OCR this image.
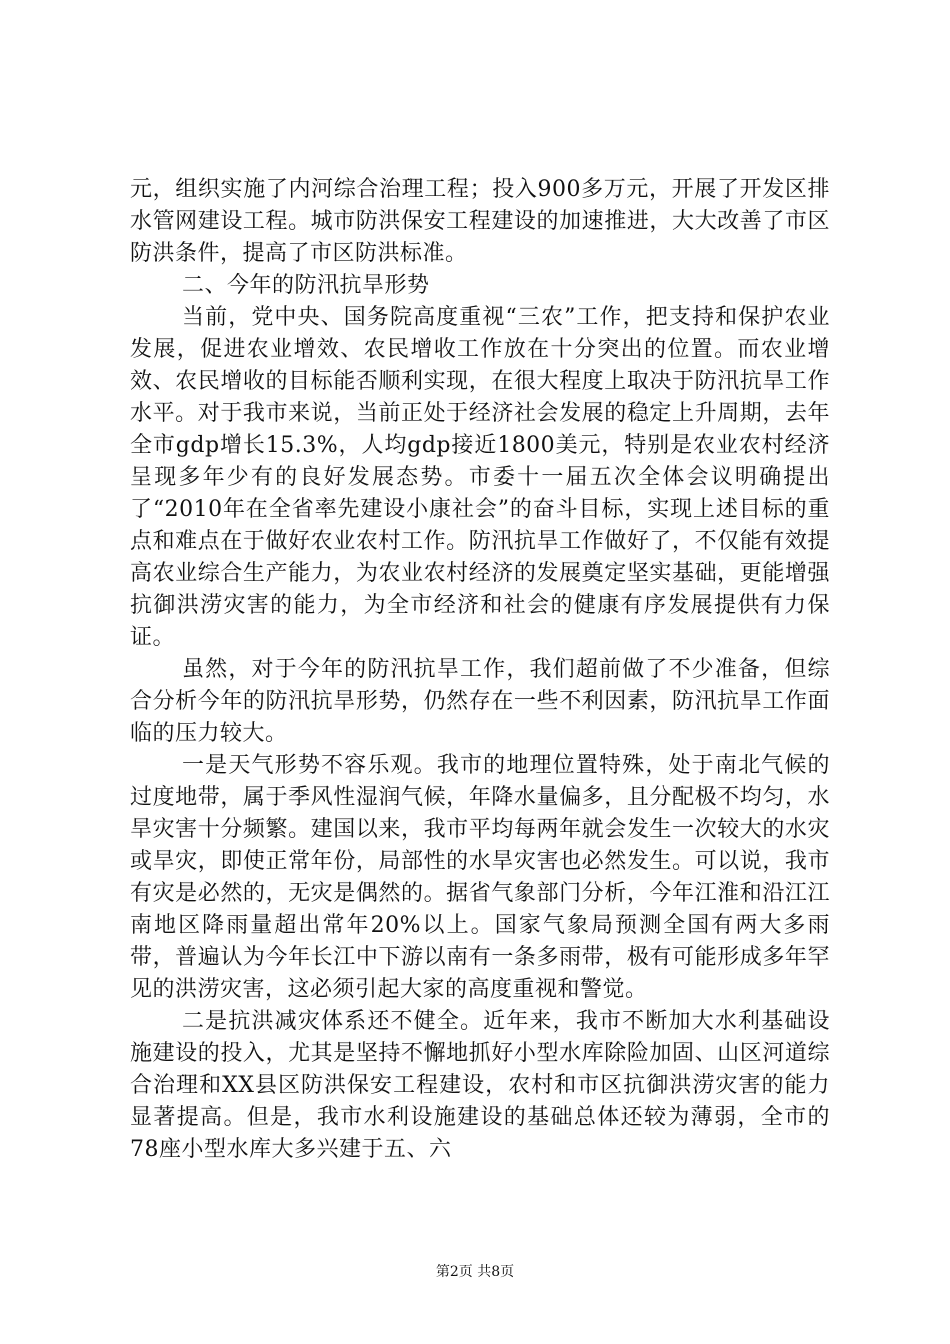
元，组织实施了内河综合治理工程；投入900多万元，开展了开发区排水管网建设工程。城市防洪保安工程建设的加速推进，大大改善了市区防洪条件，提高了市区防洪标准。

二、今年的防汛抗旱形势

当前，党中央、国务院高度重视“三农”工作，把支持和保护农业发展，促进农业增效、农民增收工作放在十分突出的位置。而农业增效、农民增收的目标能否顺利实现，在很大程度上取决于防汛抗旱工作水平。对于我市来说，当前正处于经济社会发展的稳定上升周期，去年全市gdp增长15.3%，人均gdp接近1800美元，特别是农业农村经济呈现多年少有的良好发展态势。市委十一届五次全体会议明确提出了“2010年在全省率先建设小康社会”的奋斗目标，实现上述目标的重点和难点在于做好农业农村工作。防汛抗旱工作做好了，不仅能有效提高农业综合生产能力，为农业农村经济的发展奠定坚实基础，更能增强抗御洪涝灾害的能力，为全市经济和社会的健康有序发展提供有力保证。

虽然，对于今年的防汛抗旱工作，我们超前做了不少准备，但综合分析今年的防汛抗旱形势，仍然存在一些不利因素，防汛抗旱工作面临的压力较大。

一是天气形势不容乐观。我市的地理位置特殊，处于南北气候的过度地带，属于季风性湿润气候，年降水量偏多，且分配极不均匀，水旱灾害十分频繁。建国以来，我市平均每两年就会发生一次较大的水灾或旱灾，即使正常年份，局部性的水旱灾害也必然发生。可以说，我市有灾是必然的，无灾是偶然的。据省气象部门分析，今年江淮和沿江江南地区降雨量超出常年20%以上。国家气象局预测全国有两大多雨带，普遍认为今年长江中下游以南有一条多雨带，极有可能形成多年罕见的洪涝灾害，这必须引起大家的高度重视和警觉。

二是抗洪减灾体系还不健全。近年来，我市不断加大水利基础设施建设的投入，尤其是坚持不懈地抓好小型水库除险加固、山区河道综合治理和XX县区防洪保安工程建设，农村和市区抗御洪涝灾害的能力显著提高。但是，我市水利设施建设的基础总体还较为薄弱，全市的78座小型水库大多兴建于五、六

第2页 共8页
